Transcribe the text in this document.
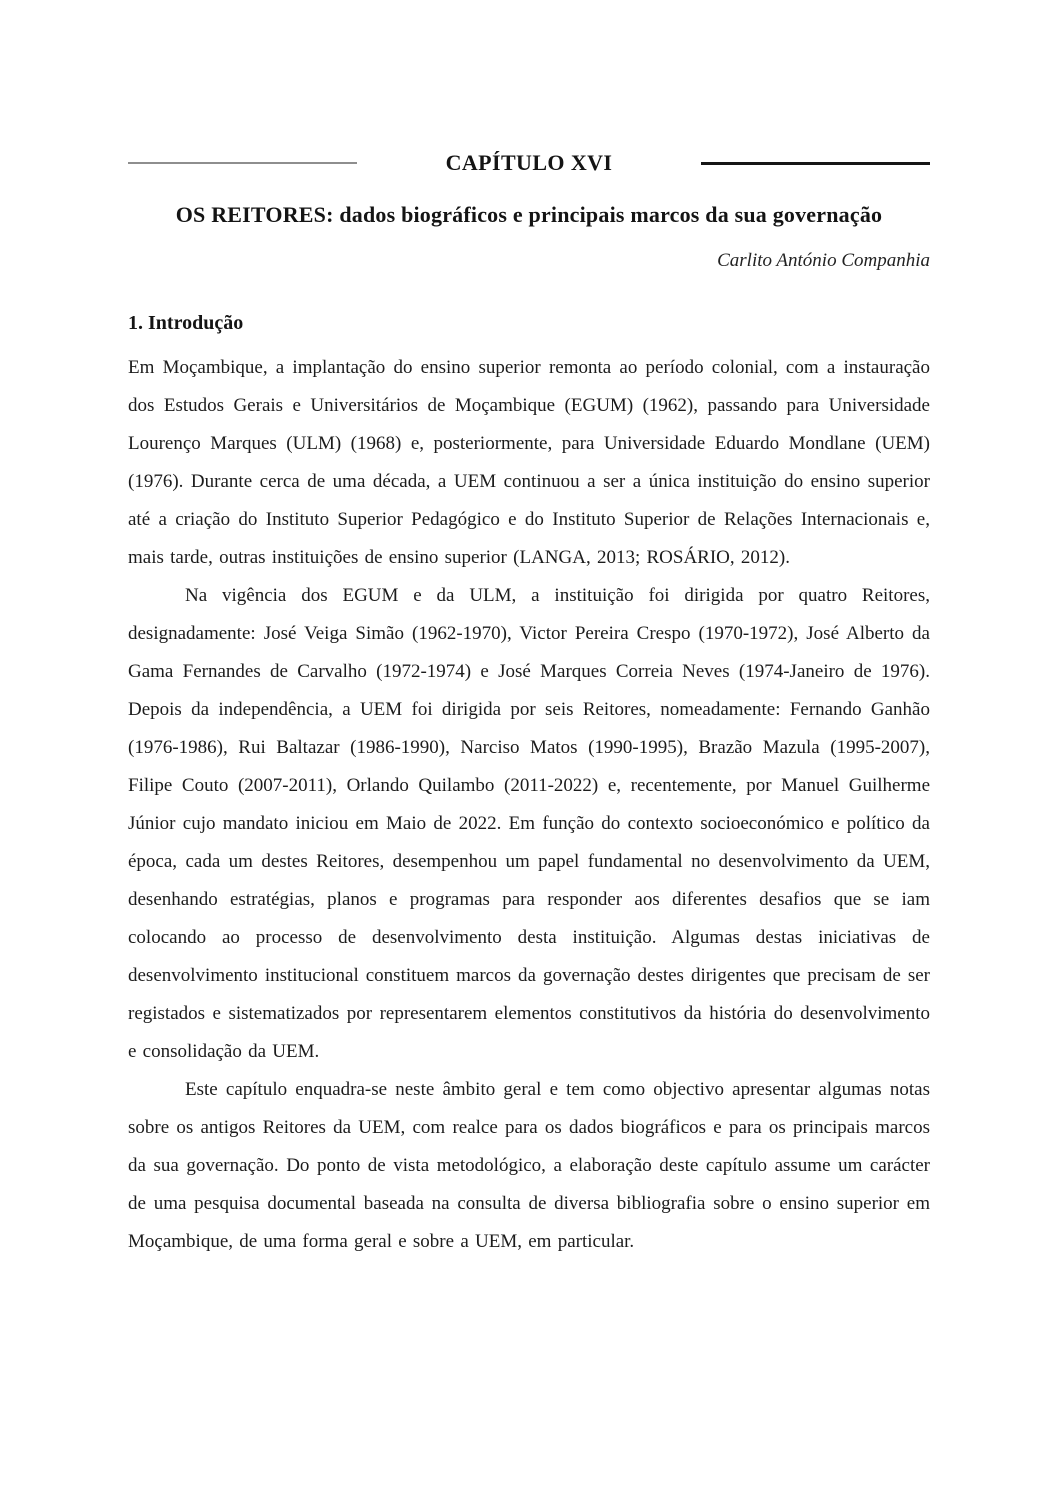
CAPÍTULO XVI
OS REITORES: dados biográficos e principais marcos da sua governação
Carlito António Companhia
1. Introdução

Em Moçambique, a implantação do ensino superior remonta ao período colonial, com a instauração dos Estudos Gerais e Universitários de Moçambique (EGUM) (1962), passando para Universidade Lourenço Marques (ULM) (1968) e, posteriormente, para Universidade Eduardo Mondlane (UEM) (1976). Durante cerca de uma década, a UEM continuou a ser a única instituição do ensino superior até a criação do Instituto Superior Pedagógico e do Instituto Superior de Relações Internacionais e, mais tarde, outras instituições de ensino superior (LANGA, 2013; ROSÁRIO, 2012).

Na vigência dos EGUM e da ULM, a instituição foi dirigida por quatro Reitores, designadamente: José Veiga Simão (1962-1970), Victor Pereira Crespo (1970-1972), José Alberto da Gama Fernandes de Carvalho (1972-1974) e José Marques Correia Neves (1974-Janeiro de 1976). Depois da independência, a UEM foi dirigida por seis Reitores, nomeadamente: Fernando Ganhão (1976-1986), Rui Baltazar (1986-1990), Narciso Matos (1990-1995), Brazão Mazula (1995-2007), Filipe Couto (2007-2011), Orlando Quilambo (2011-2022) e, recentemente, por Manuel Guilherme Júnior cujo mandato iniciou em Maio de 2022. Em função do contexto socioeconómico e político da época, cada um destes Reitores, desempenhou um papel fundamental no desenvolvimento da UEM, desenhando estratégias, planos e programas para responder aos diferentes desafios que se iam colocando ao processo de desenvolvimento desta instituição. Algumas destas iniciativas de desenvolvimento institucional constituem marcos da governação destes dirigentes que precisam de ser registados e sistematizados por representarem elementos constitutivos da história do desenvolvimento e consolidação da UEM.

Este capítulo enquadra-se neste âmbito geral e tem como objectivo apresentar algumas notas sobre os antigos Reitores da UEM, com realce para os dados biográficos e para os principais marcos da sua governação. Do ponto de vista metodológico, a elaboração deste capítulo assume um carácter de uma pesquisa documental baseada na consulta de diversa bibliografia sobre o ensino superior em Moçambique, de uma forma geral e sobre a UEM, em particular.
